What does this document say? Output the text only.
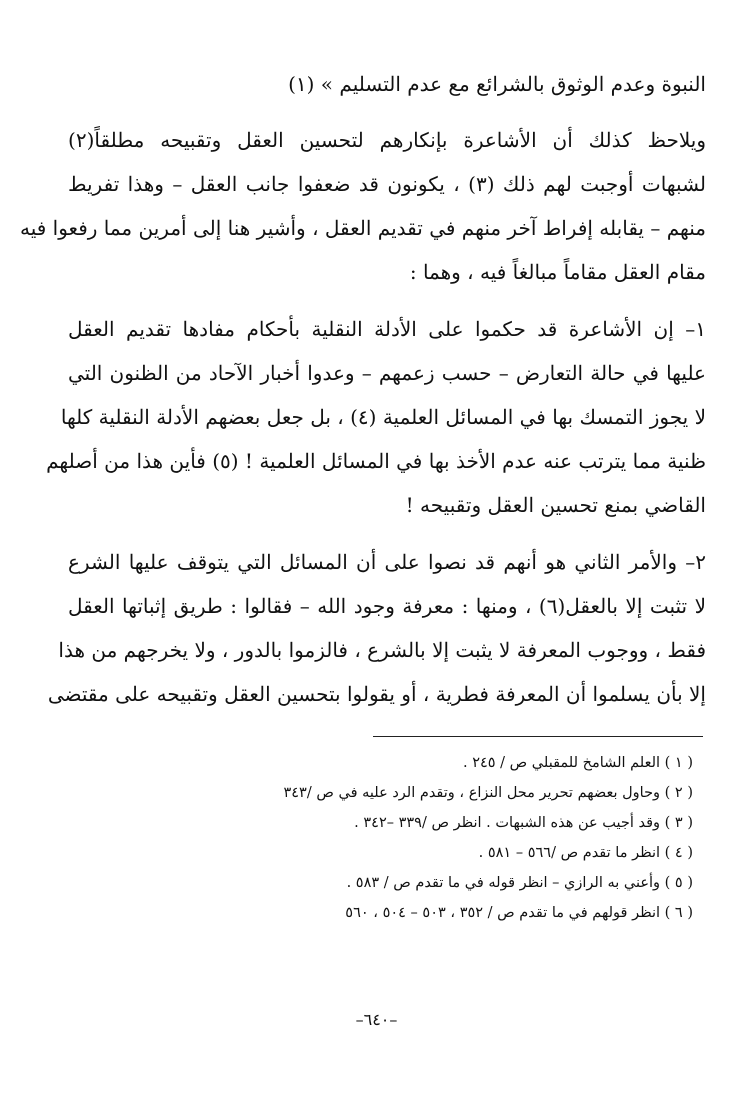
النبوة وعدم الوثوق بالشرائع مع عدم التسليم » (١)
ويلاحظ كذلك أن الأشاعرة بإنكارهم لتحسين العقل وتقبيحه مطلقاً(٢)
لشبهات أوجبت لهم ذلك (٣) ، يكونون قد ضعفوا جانب العقل – وهذا تفريط
منهم – يقابله إفراط آخر منهم في تقديم العقل ، وأشير هنا إلى أمرين مما رفعوا فيه
مقام العقل مقاماً مبالغاً فيه ، وهما :
١– إن الأشاعرة قد حكموا على الأدلة النقلية بأحكام مفادها تقديم العقل
عليها في حالة التعارض – حسب زعمهم – وعدوا أخبار الآحاد من الظنون التي
لا يجوز التمسك بها في المسائل العلمية (٤) ، بل جعل بعضهم الأدلة النقلية كلها
ظنية مما يترتب عنه عدم الأخذ بها في المسائل العلمية ! (٥) فأين هذا من أصلهم
القاضي بمنع تحسين العقل وتقبيحه !
٢– والأمر الثاني هو أنهم قد نصوا على أن المسائل التي يتوقف عليها الشرع
لا تثبت إلا بالعقل(٦) ، ومنها : معرفة وجود الله – فقالوا : طريق إثباتها العقل
فقط ، ووجوب المعرفة لا يثبت إلا بالشرع ، فالزموا بالدور ، ولا يخرجهم من هذا
إلا بأن يسلموا أن المعرفة فطرية ، أو يقولوا بتحسين العقل وتقبيحه على مقتضى
( ١ ) العلم الشامخ للمقبلي ص / ٢٤٥ .
( ٢ ) وحاول بعضهم تحرير محل النزاع ، وتقدم الرد عليه في ص /٣٤٣
( ٣ ) وقد أجيب عن هذه الشبهات . انظر ص /٣٣٩ –٣٤٢ .
( ٤ ) انظر ما تقدم ص /٥٦٦ – ٥٨١ .
( ٥ ) وأعني به الرازي – انظر قوله في ما تقدم ص / ٥٨٣ .
( ٦ ) انظر قولهم في ما تقدم ص / ٣٥٢ ، ٥٠٣ – ٥٠٤ ، ٥٦٠
–٦٤٠–
